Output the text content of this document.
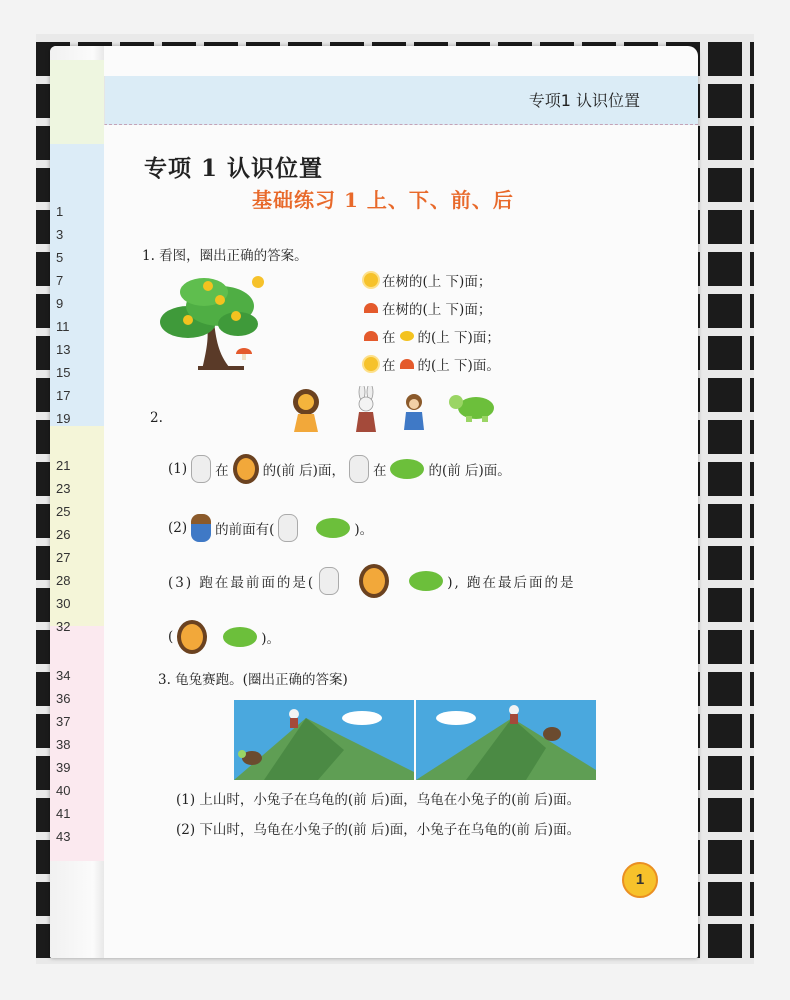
1
3
5
7
9
11
13
15
17
19
21
23
25
26
27
28
30
32
34
36
37
38
39
40
41
43
专项1 认识位置
专项 1 认识位置
基础练习 1 上、下、前、后
1. 看图，圈出正确的答案。
在树的(上 下)面；
在树的(上 下)面；
在 的(上 下)面；
在 的(上 下)面。
2.
(1) 在	的(前 后)面， 在	的(前 后)面。
(2) 的前面有(	)。
(3) 跑在最前面的是(	), 跑在最后面的是
(	)。
3. 龟兔赛跑。(圈出正确的答案)
(1) 上山时，小兔子在乌龟的(前 后)面，乌龟在小兔子的(前 后)面。
(2) 下山时，乌龟在小兔子的(前 后)面，小兔子在乌龟的(前 后)面。
1
